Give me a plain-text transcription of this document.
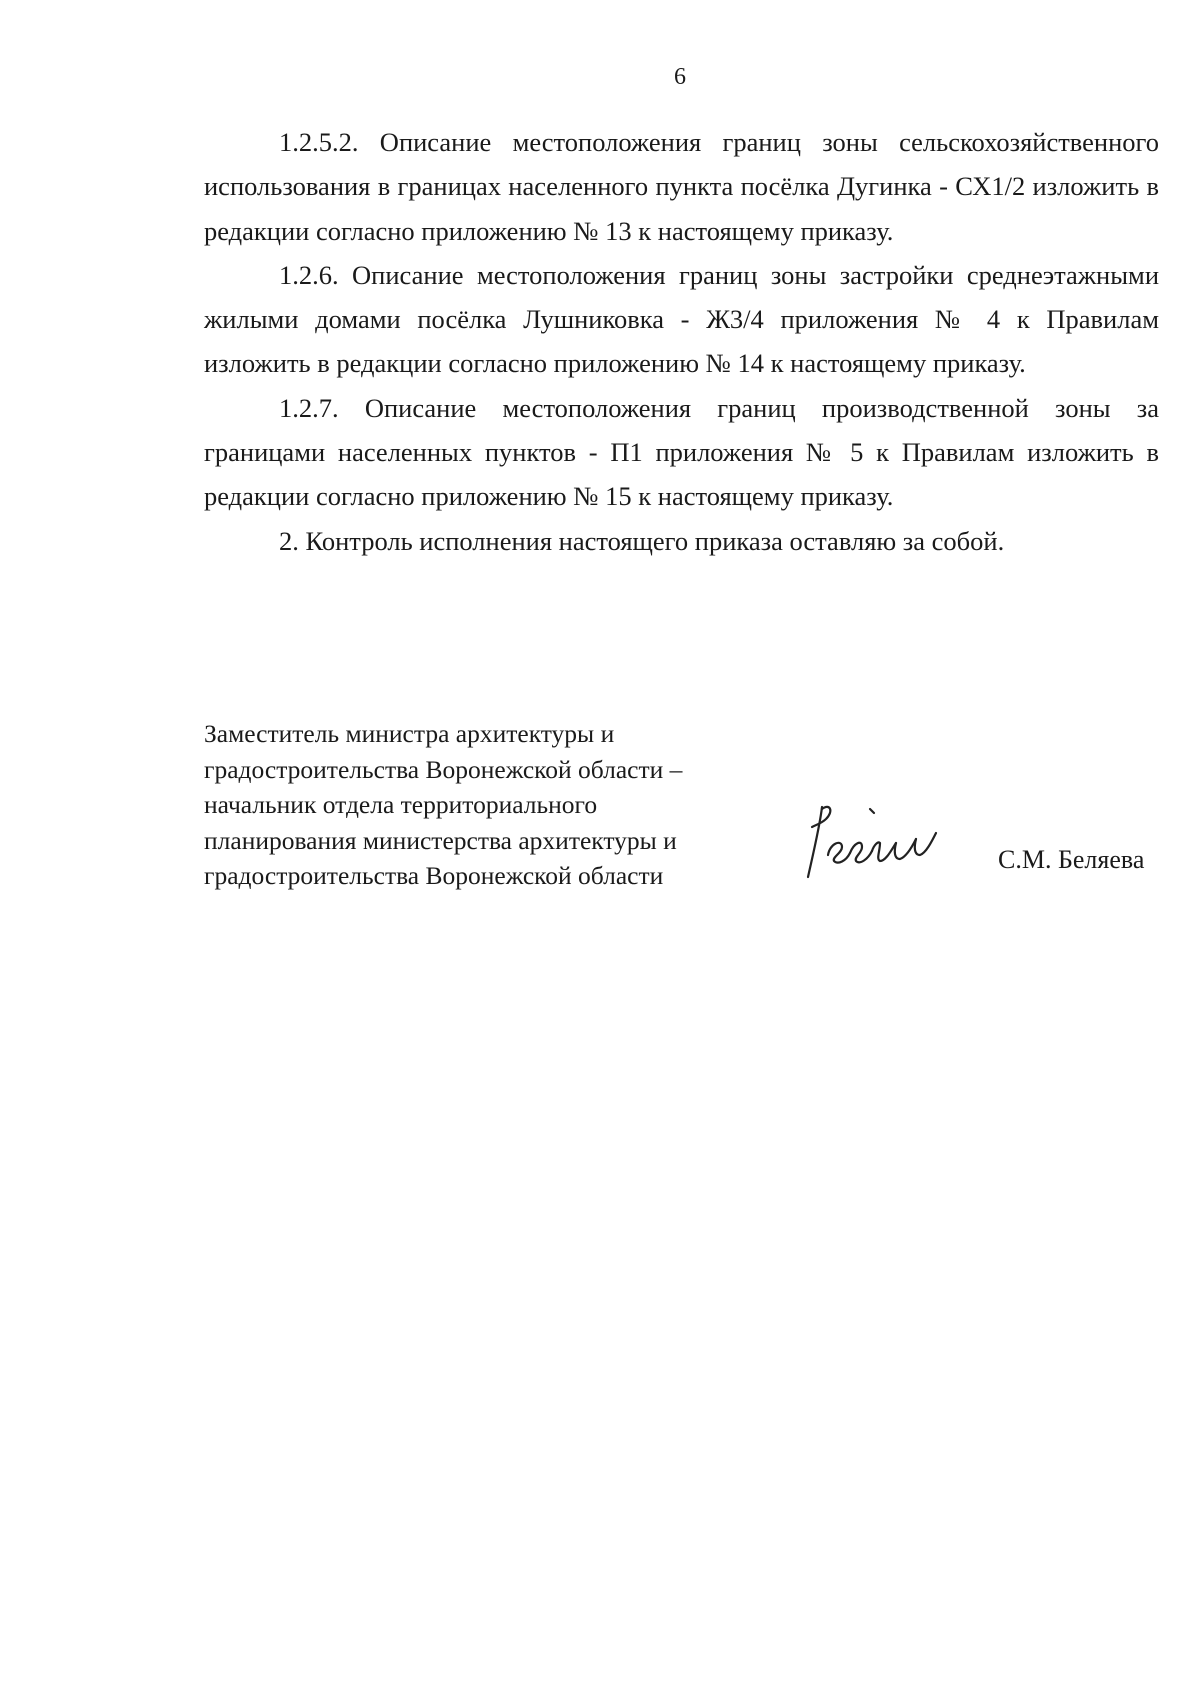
6

1.2.5.2. Описание местоположения границ зоны сельскохозяйственного использования в границах населенного пункта посёлка Дугинка - СХ1/2 изложить в редакции согласно приложению № 13 к настоящему приказу.

1.2.6. Описание местоположения границ зоны застройки среднеэтажными жилыми домами посёлка Лушниковка - Ж3/4 приложения № 4 к Правилам изложить в редакции согласно приложению № 14 к настоящему приказу.

1.2.7. Описание местоположения границ производственной зоны за границами населенных пунктов - П1 приложения № 5 к Правилам изложить в редакции согласно приложению № 15 к настоящему приказу.

2. Контроль исполнения настоящего приказа оставляю за собой.

Заместитель министра архитектуры и
градостроительства Воронежской области –
начальник отдела территориального
планирования министерства архитектуры и
градостроительства Воронежской области
С.М. Беляева
